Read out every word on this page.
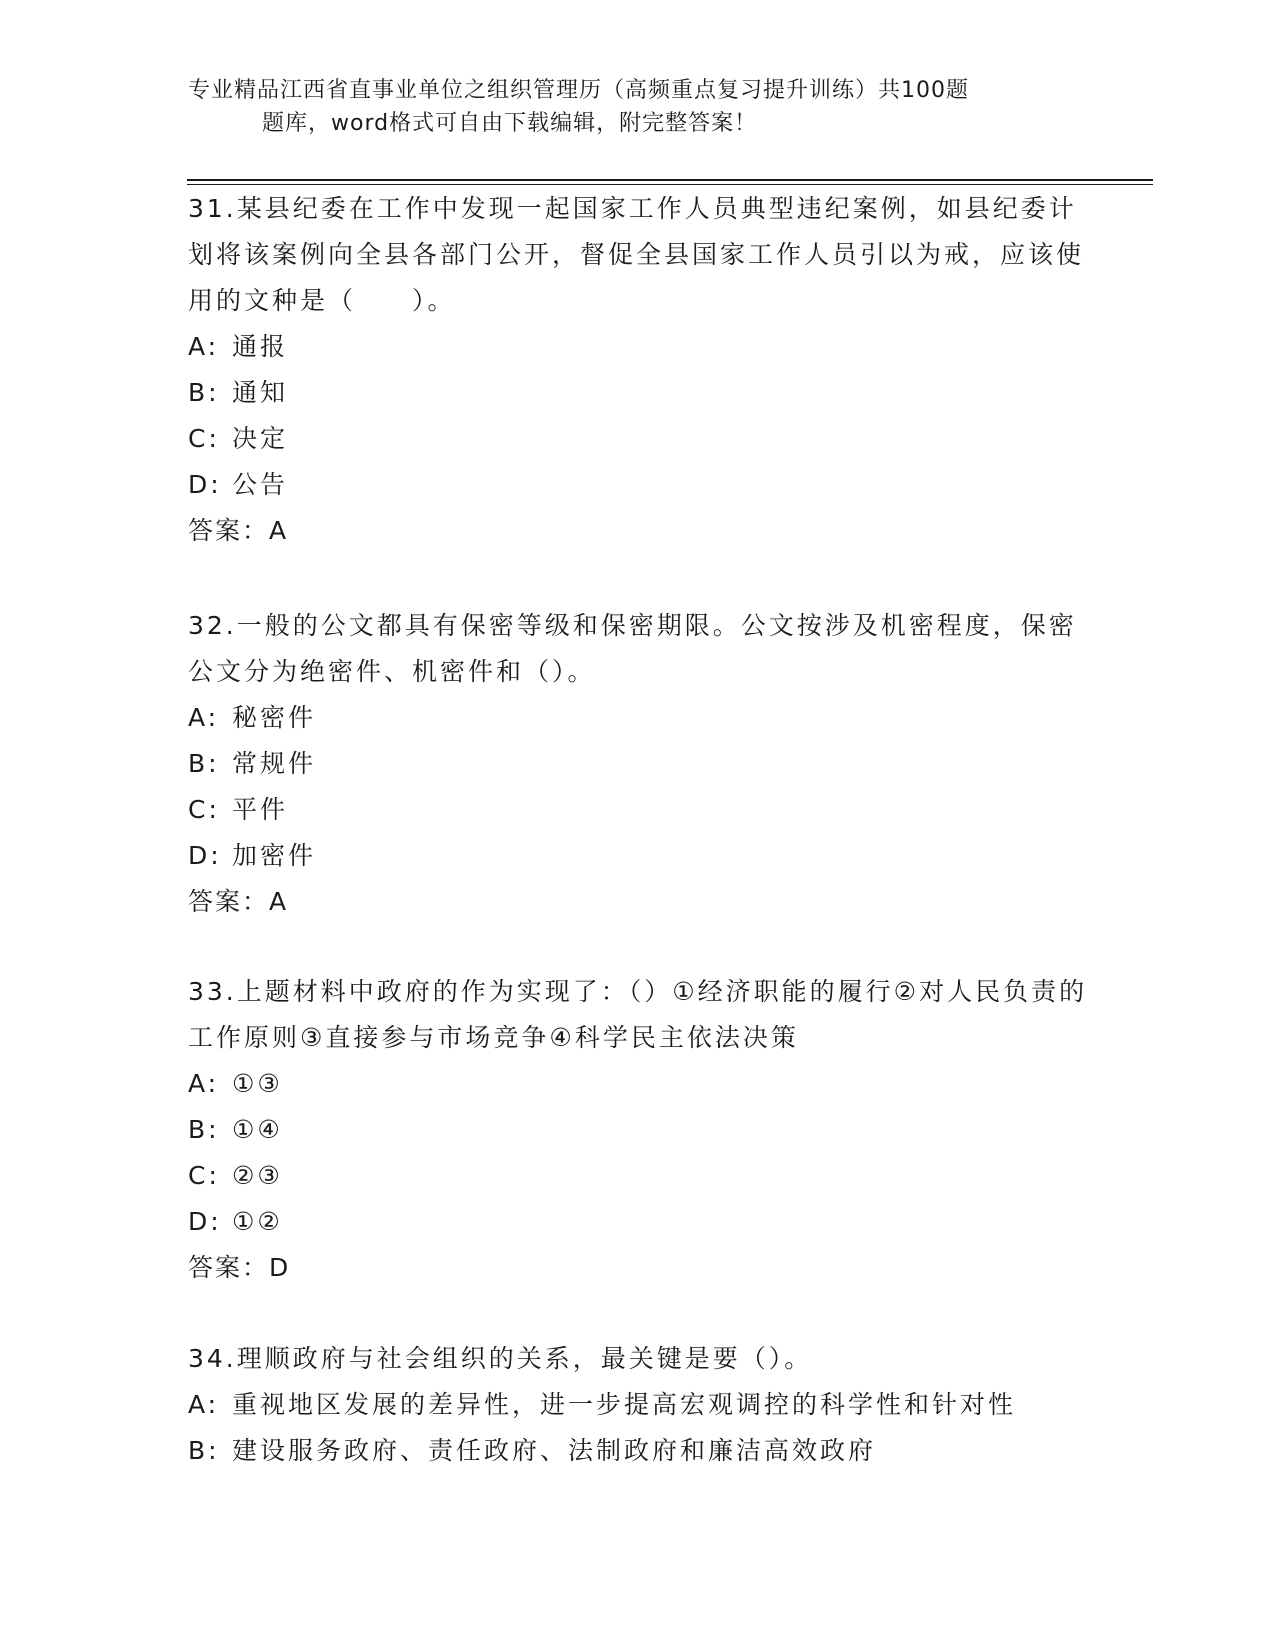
专业精品江西省直事业单位之组织管理历（高频重点复习提升训练）共100题
题库，word格式可自由下载编辑，附完整答案！

31.某县纪委在工作中发现一起国家工作人员典型违纪案例，如县纪委计划将该案例向全县各部门公开，督促全县国家工作人员引以为戒，应该使用的文种是（　　）。

A: 通报
B: 通知
C: 决定
D: 公告
答案：A

32.一般的公文都具有保密等级和保密期限。公文按涉及机密程度，保密公文分为绝密件、机密件和（）。

A: 秘密件
B: 常规件
C: 平件
D: 加密件
答案：A

33.上题材料中政府的作为实现了：（）①经济职能的履行②对人民负责的工作原则③直接参与市场竞争④科学民主依法决策

A: ①③
B: ①④
C: ②③
D: ①②
答案：D

34.理顺政府与社会组织的关系，最关键是要（）。

A: 重视地区发展的差异性，进一步提高宏观调控的科学性和针对性
B: 建设服务政府、责任政府、法制政府和廉洁高效政府
